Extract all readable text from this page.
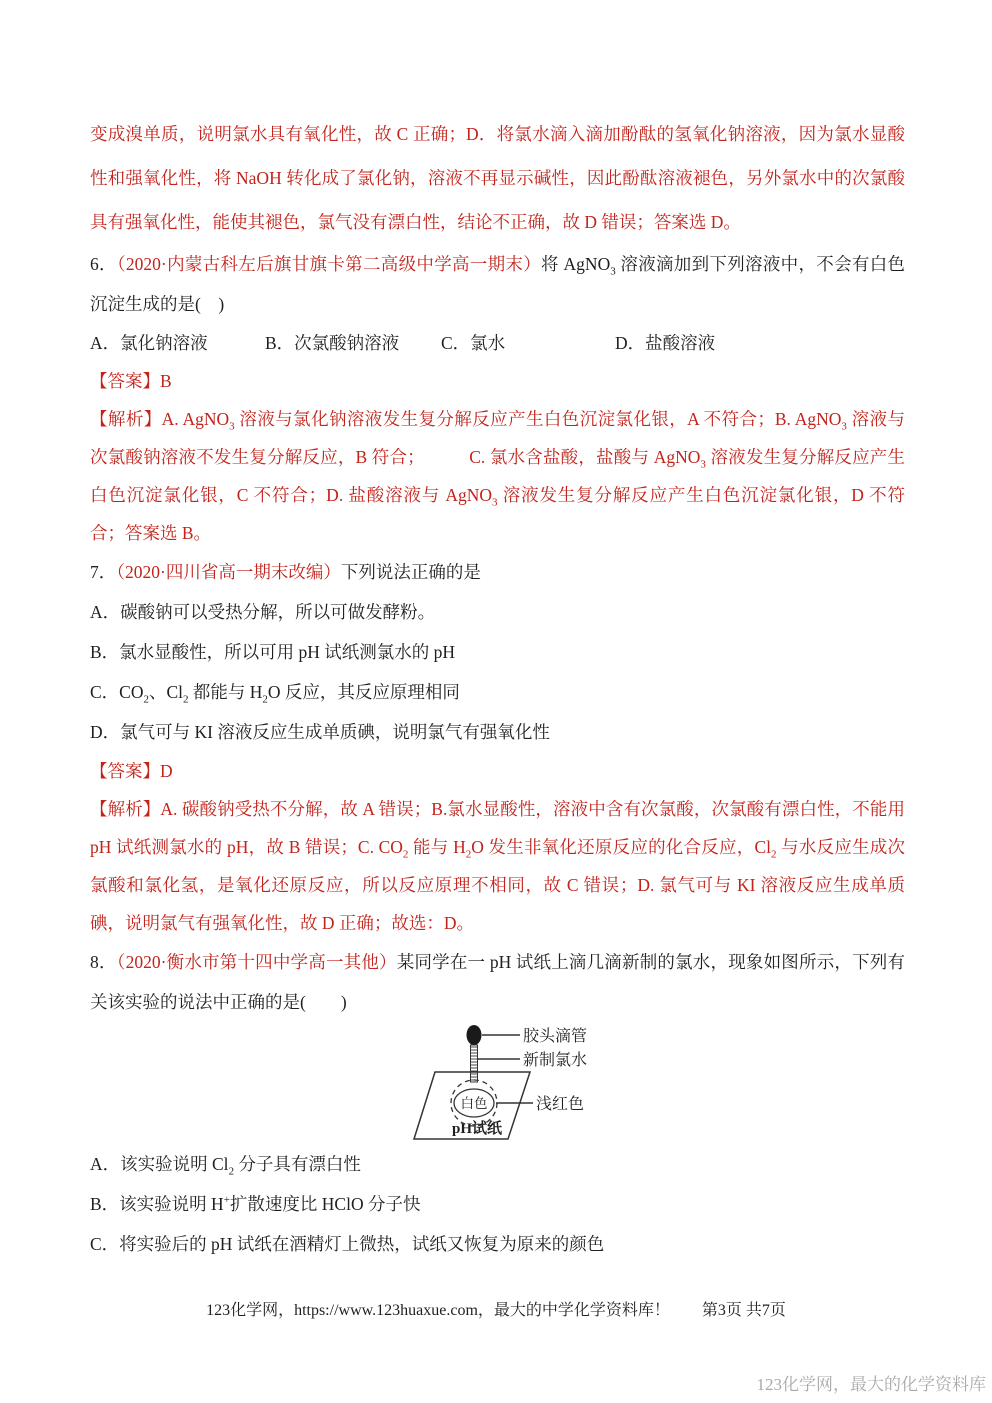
变成溴单质，说明氯水具有氧化性，故 C 正确；D．将氯水滴入滴加酚酞的氢氧化钠溶液，因为氯水显酸性和强氧化性，将 NaOH 转化成了氯化钠，溶液不再显示碱性，因此酚酞溶液褪色，另外氯水中的次氯酸具有强氧化性，能使其褪色，氯气没有漂白性，结论不正确，故 D 错误；答案选 D。

6．（2020·内蒙古科左后旗甘旗卡第二高级中学高一期末）将 AgNO$_3$ 溶液滴加到下列溶液中，不会有白色沉淀生成的是(　)

A．氯化钠溶液	B．次氯酸钠溶液 C．氯水	D．盐酸溶液

【答案】B

【解析】A. AgNO$_3$ 溶液与氯化钠溶液发生复分解反应产生白色沉淀氯化银，A 不符合；B. AgNO$_3$ 溶液与次氯酸钠溶液不发生复分解反应，B 符合；　　　C. 氯水含盐酸，盐酸与 AgNO$_3$ 溶液发生复分解反应产生白色沉淀氯化银，C 不符合；D. 盐酸溶液与 AgNO$_3$ 溶液发生复分解反应产生白色沉淀氯化银，D 不符合；答案选 B。

7．（2020·四川省高一期末改编）下列说法正确的是

A．碳酸钠可以受热分解，所以可做发酵粉。

B．氯水显酸性，所以可用 pH 试纸测氯水的 pH

C．$CO_2$、$Cl_2$ 都能与 $H_2O$ 反应，其反应原理相同

D．氯气可与 KI 溶液反应生成单质碘，说明氯气有强氧化性

【答案】D

【解析】A. 碳酸钠受热不分解，故 A 错误；B.氯水显酸性，溶液中含有次氯酸，次氯酸有漂白性，不能用 pH 试纸测氯水的 pH，故 B 错误；C. $CO_2$ 能与 $H_2O$ 发生非氧化还原反应的化合反应，$Cl_2$ 与水反应生成次氯酸和氯化氢，是氧化还原反应，所以反应原理不相同，故 C 错误；D. 氯气可与 KI 溶液反应生成单质碘，说明氯气有强氧化性，故 D 正确；故选：D。

8．（2020·衡水市第十四中学高一其他）某同学在一 pH 试纸上滴几滴新制的氯水，现象如图所示，下列有关该实验的说法中正确的是(　　)

胶头滴管
新制氯水
白色	浅红色
pH试纸

A．该实验说明 $Cl_2$ 分子具有漂白性

B．该实验说明 H+扩散速度比 HClO 分子快

C．将实验后的 pH 试纸在酒精灯上微热，试纸又恢复为原来的颜色

123化学网，https://www.123huaxue.com，最大的中学化学资料库！ 第3页 共7页
123化学网，最大的化学资料库
